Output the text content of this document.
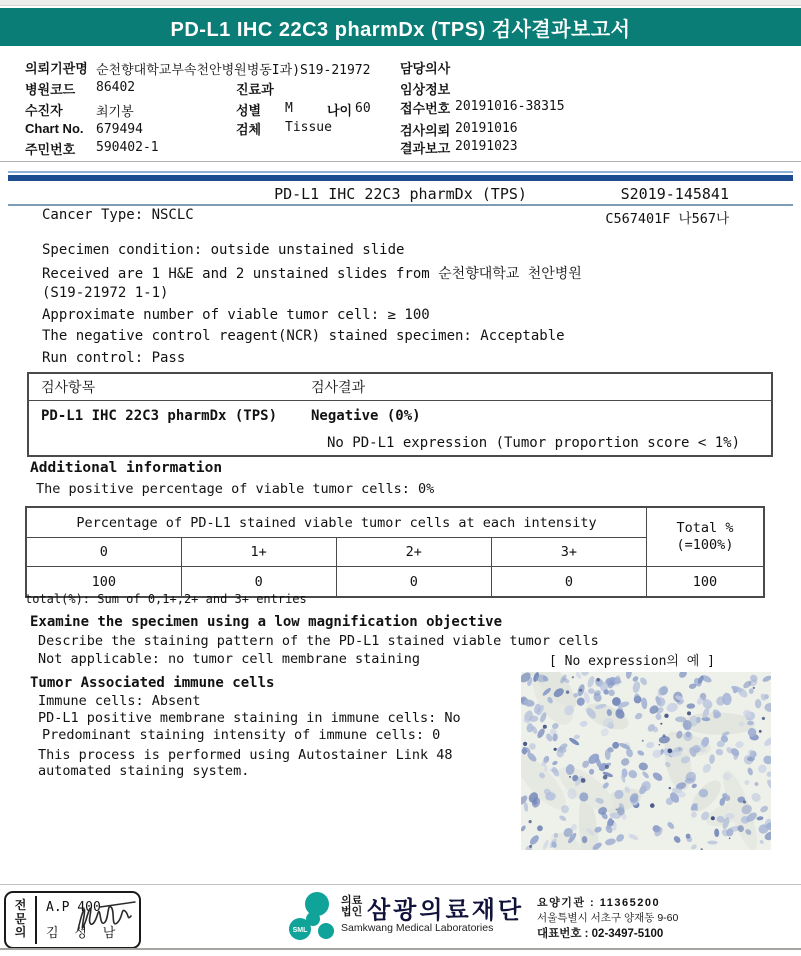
PD-L1 IHC 22C3 pharmDx (TPS) 검사결과보고서
의뢰기관명 순천향대학교부속천안병원병동I과)S19-21972
병원코드 86402
수진자	최기봉
Chart No. 679494
주민번호 590402-1
진료과
성별 M	나이 60
검체 Tissue
담당의사
임상정보
접수번호 20191016-38315
검사의뢰 20191016
결과보고 20191023
PD-L1 IHC 22C3 pharmDx (TPS)	S2019-145841
Cancer Type: NSCLC	C567401F 나567나
Specimen condition: outside unstained slide
Received are 1 H&E and 2 unstained slides from 순천향대학교 천안병원
(S19-21972 1-1)
Approximate number of viable tumor cell: ≥ 100
The negative control reagent(NCR) stained specimen: Acceptable
Run control: Pass
검사항목	검사결과
PD-L1 IHC 22C3 pharmDx (TPS)	Negative (0%)
	No PD-L1 expression (Tumor proportion score < 1%)
Additional information
The positive percentage of viable tumor cells: 0%
Percentage of PD-L1 stained viable tumor cells at each intensity				Total %
(=100%)

0	1+	2+	3+	
100	0	0	0	100
total(%): Sum of 0,1+,2+ and 3+ entries
Examine the specimen using a low magnification objective
Describe the staining pattern of the PD-L1 stained viable tumor cells
Not applicable: no tumor cell membrane staining	[ No expression의 예 ]
Tumor Associated immune cells
Immune cells: Absent
PD-L1 positive membrane staining in immune cells: No
Predominant staining intensity of immune cells: 0
This process is performed using Autostainer Link 48
automated staining system.
전문의
A.P 400
김 성 남	SML
의료
법인 삼광의료재단
Samkwang Medical Laboratories
요양기관 : 11365200
서울특별시 서초구 양재동 9-60
대표번호 : 02-3497-5100
